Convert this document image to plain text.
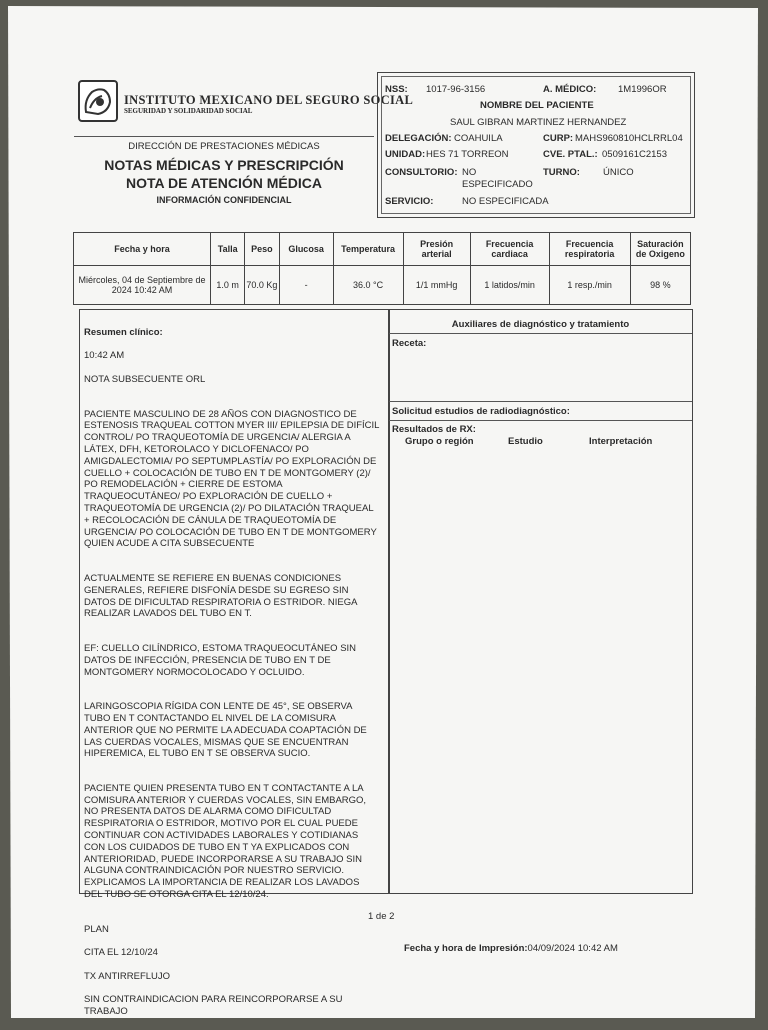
INSTITUTO MEXICANO DEL SEGURO SOCIAL
SEGURIDAD Y SOLIDARIDAD SOCIAL
DIRECCIÓN DE PRESTACIONES MÉDICAS
NOTAS MÉDICAS Y PRESCRIPCIÓN
NOTA DE ATENCIÓN MÉDICA
INFORMACIÓN CONFIDENCIAL
NSS: 1017-96-3156	A. MÉDICO: 1M1996OR
NOMBRE DEL PACIENTE
SAUL GIBRAN MARTINEZ HERNANDEZ
DELEGACIÓN: COAHUILA	CURP: MAHS960810HCLRRL04
UNIDAD: HES 71 TORREON	CVE. PTAL.: 0509161C2153
CONSULTORIO: NO
ESPECIFICADO
TURNO: ÚNICO
SERVICIO:	NO ESPECIFICADA
Fecha y hora	Talla	Peso	Glucosa	Temperatura	Presión arterial	Frecuencia cardiaca	Frecuencia respiratoria	Saturación de Oxigeno
Miércoles, 04 de Septiembre de 2024 10:42 AM	1.0 m	70.0 Kg	-	36.0 °C	1/1 mmHg	1 latidos/min	1 resp./min	98 %

Resumen clínico:

10:42 AM

NOTA SUBSECUENTE ORL

PACIENTE MASCULINO DE 28 AÑOS CON DIAGNOSTICO DE ESTENOSIS TRAQUEAL COTTON MYER III/ EPILEPSIA DE DIFÍCIL CONTROL/ PO TRAQUEOTOMÍA DE URGENCIA/ ALERGIA A LÁTEX, DFH, KETOROLACO Y DICLOFENACO/ PO AMIGDALECTOMIA/ PO SEPTUMPLASTÍA/ PO EXPLORACIÓN DE CUELLO + COLOCACIÓN DE TUBO EN T DE MONTGOMERY (2)/ PO REMODELACIÓN + CIERRE DE ESTOMA TRAQUEOCUTÁNEO/ PO EXPLORACIÓN DE CUELLO + TRAQUEOTOMÍA DE URGENCIA (2)/ PO DILATACIÓN TRAQUEAL + RECOLOCACIÓN DE CÁNULA DE TRAQUEOTOMÍA DE URGENCIA/ PO COLOCACIÓN DE TUBO EN T DE MONTGOMERY QUIEN ACUDE A CITA SUBSECUENTE

ACTUALMENTE SE REFIERE EN BUENAS CONDICIONES GENERALES, REFIERE DISFONÍA DESDE SU EGRESO SIN DATOS DE DIFICULTAD RESPIRATORIA O ESTRIDOR. NIEGA REALIZAR LAVADOS DEL TUBO EN T.

EF: CUELLO CILÍNDRICO, ESTOMA TRAQUEOCUTÁNEO SIN DATOS DE INFECCIÓN, PRESENCIA DE TUBO EN T DE MONTGOMERY NORMOCOLOCADO Y OCLUIDO.

LARINGOSCOPIA RÍGIDA CON LENTE DE 45°, SE OBSERVA TUBO EN T CONTACTANDO EL NIVEL DE LA COMISURA ANTERIOR QUE NO PERMITE LA ADECUADA COAPTACIÓN DE LAS CUERDAS VOCALES, MISMAS QUE SE ENCUENTRAN HIPEREMICA, EL TUBO EN T SE OBSERVA SUCIO.

PACIENTE QUIEN PRESENTA TUBO EN T CONTACTANTE A LA COMISURA ANTERIOR Y CUERDAS VOCALES, SIN EMBARGO, NO PRESENTA DATOS DE ALARMA COMO DIFICULTAD RESPIRATORIA O ESTRIDOR, MOTIVO POR EL CUAL PUEDE CONTINUAR CON ACTIVIDADES LABORALES Y COTIDIANAS CON LOS CUIDADOS DE TUBO EN T YA EXPLICADOS CON ANTERIORIDAD, PUEDE INCORPORARSE A SU TRABAJO SIN ALGUNA CONTRAINDICACIÓN POR NUESTRO SERVICIO. EXPLICAMOS LA IMPORTANCIA DE REALIZAR LOS LAVADOS DEL TUBO SE OTORGA CITA EL 12/10/24.

PLAN

CITA EL 12/10/24

TX ANTIRREFLUJO

SIN CONTRAINDICACION PARA REINCORPORARSE A SU TRABAJO

Auxiliares de diagnóstico y tratamiento
Receta:
Solicitud estudios de radiodiagnóstico:
Resultados de RX:
Grupo o región	Estudio	Interpretación
1 de 2
Fecha y hora de Impresión:04/09/2024 10:42 AM
